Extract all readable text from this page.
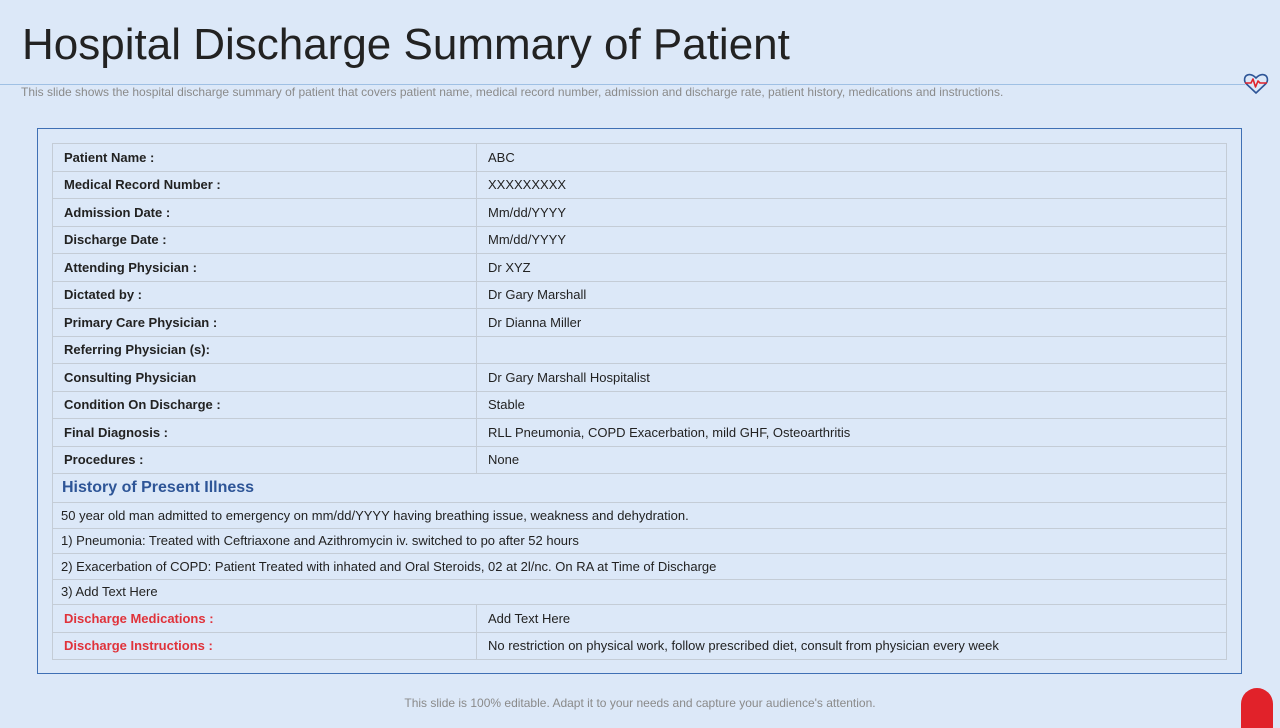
Hospital Discharge Summary of Patient
This slide shows the hospital discharge summary of patient that covers patient name, medical record number, admission and discharge rate, patient history, medications and instructions.
Patient Name :	ABC
Medical Record Number :	XXXXXXXXX
Admission Date :	Mm/dd/YYYY
Discharge Date :	Mm/dd/YYYY
Attending Physician :	Dr XYZ
Dictated by :	Dr Gary Marshall
Primary Care Physician :	Dr Dianna Miller
Referring Physician (s):	
Consulting Physician	Dr Gary Marshall Hospitalist
Condition On Discharge :	Stable
Final Diagnosis :	RLL Pneumonia, COPD Exacerbation, mild GHF, Osteoarthritis
Procedures :	None
History of Present Illness	
50 year old man admitted to emergency on mm/dd/YYYY having breathing issue, weakness and dehydration.	
1) Pneumonia: Treated with Ceftriaxone and Azithromycin iv. switched to po after 52 hours	
2) Exacerbation of COPD: Patient Treated with inhated and Oral Steroids, 02 at 2l/nc. On RA at Time of Discharge	
3) Add Text Here	
Discharge Medications :	Add Text Here
Discharge Instructions :	No restriction on physical work, follow prescribed diet, consult from physician every week
This slide is 100% editable. Adapt it to your needs and capture your audience's attention.
